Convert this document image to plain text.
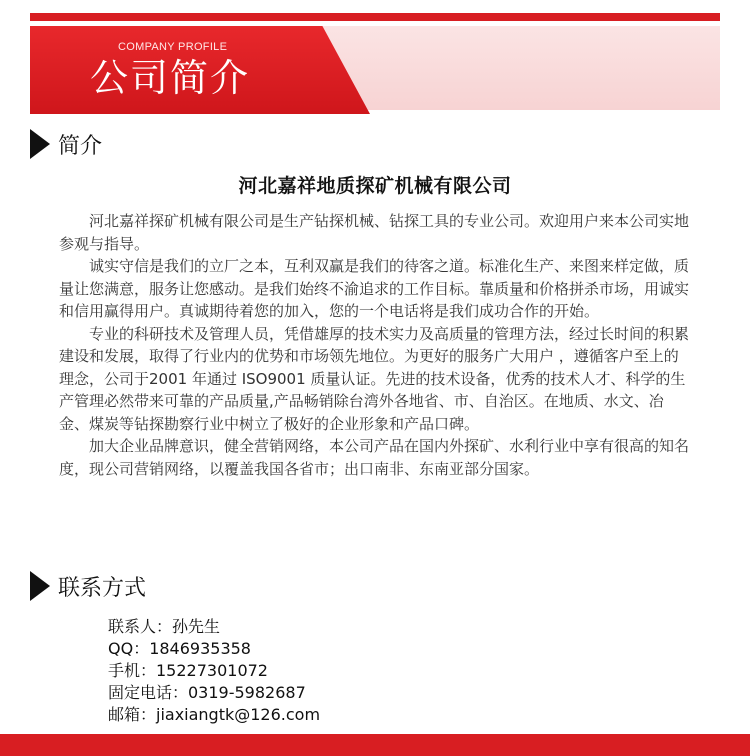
COMPANY PROFILE
公司简介
简介
河北嘉祥地质探矿机械有限公司

河北嘉祥探矿机械有限公司是生产钻探机械、钻探工具的专业公司。欢迎用户来本公司实地参观与指导。

诚实守信是我们的立厂之本，互利双赢是我们的待客之道。标准化生产、来图来样定做，质量让您满意，服务让您感动。是我们始终不渝追求的工作目标。靠质量和价格拼杀市场，用诚实和信用赢得用户。真诚期待着您的加入，您的一个电话将是我们成功合作的开始。

专业的科研技术及管理人员，凭借雄厚的技术实力及高质量的管理方法，经过长时间的积累建设和发展，取得了行业内的优势和市场领先地位。为更好的服务广大用户 ，遵循客户至上的理念，公司于2001 年通过 ISO9001 质量认证。先进的技术设备，优秀的技术人才、科学的生产管理必然带来可靠的产品质量,产品畅销除台湾外各地省、市、自治区。在地质、水文、冶金、煤炭等钻探勘察行业中树立了极好的企业形象和产品口碑。

加大企业品牌意识，健全营销网络，本公司产品在国内外探矿、水利行业中享有很高的知名度，现公司营销网络，以覆盖我国各省市；出口南非、东南亚部分国家。

联系方式
联系人：孙先生
QQ：1846935358
手机：15227301072
固定电话：0319-5982687
邮箱：jiaxiangtk@126.com
